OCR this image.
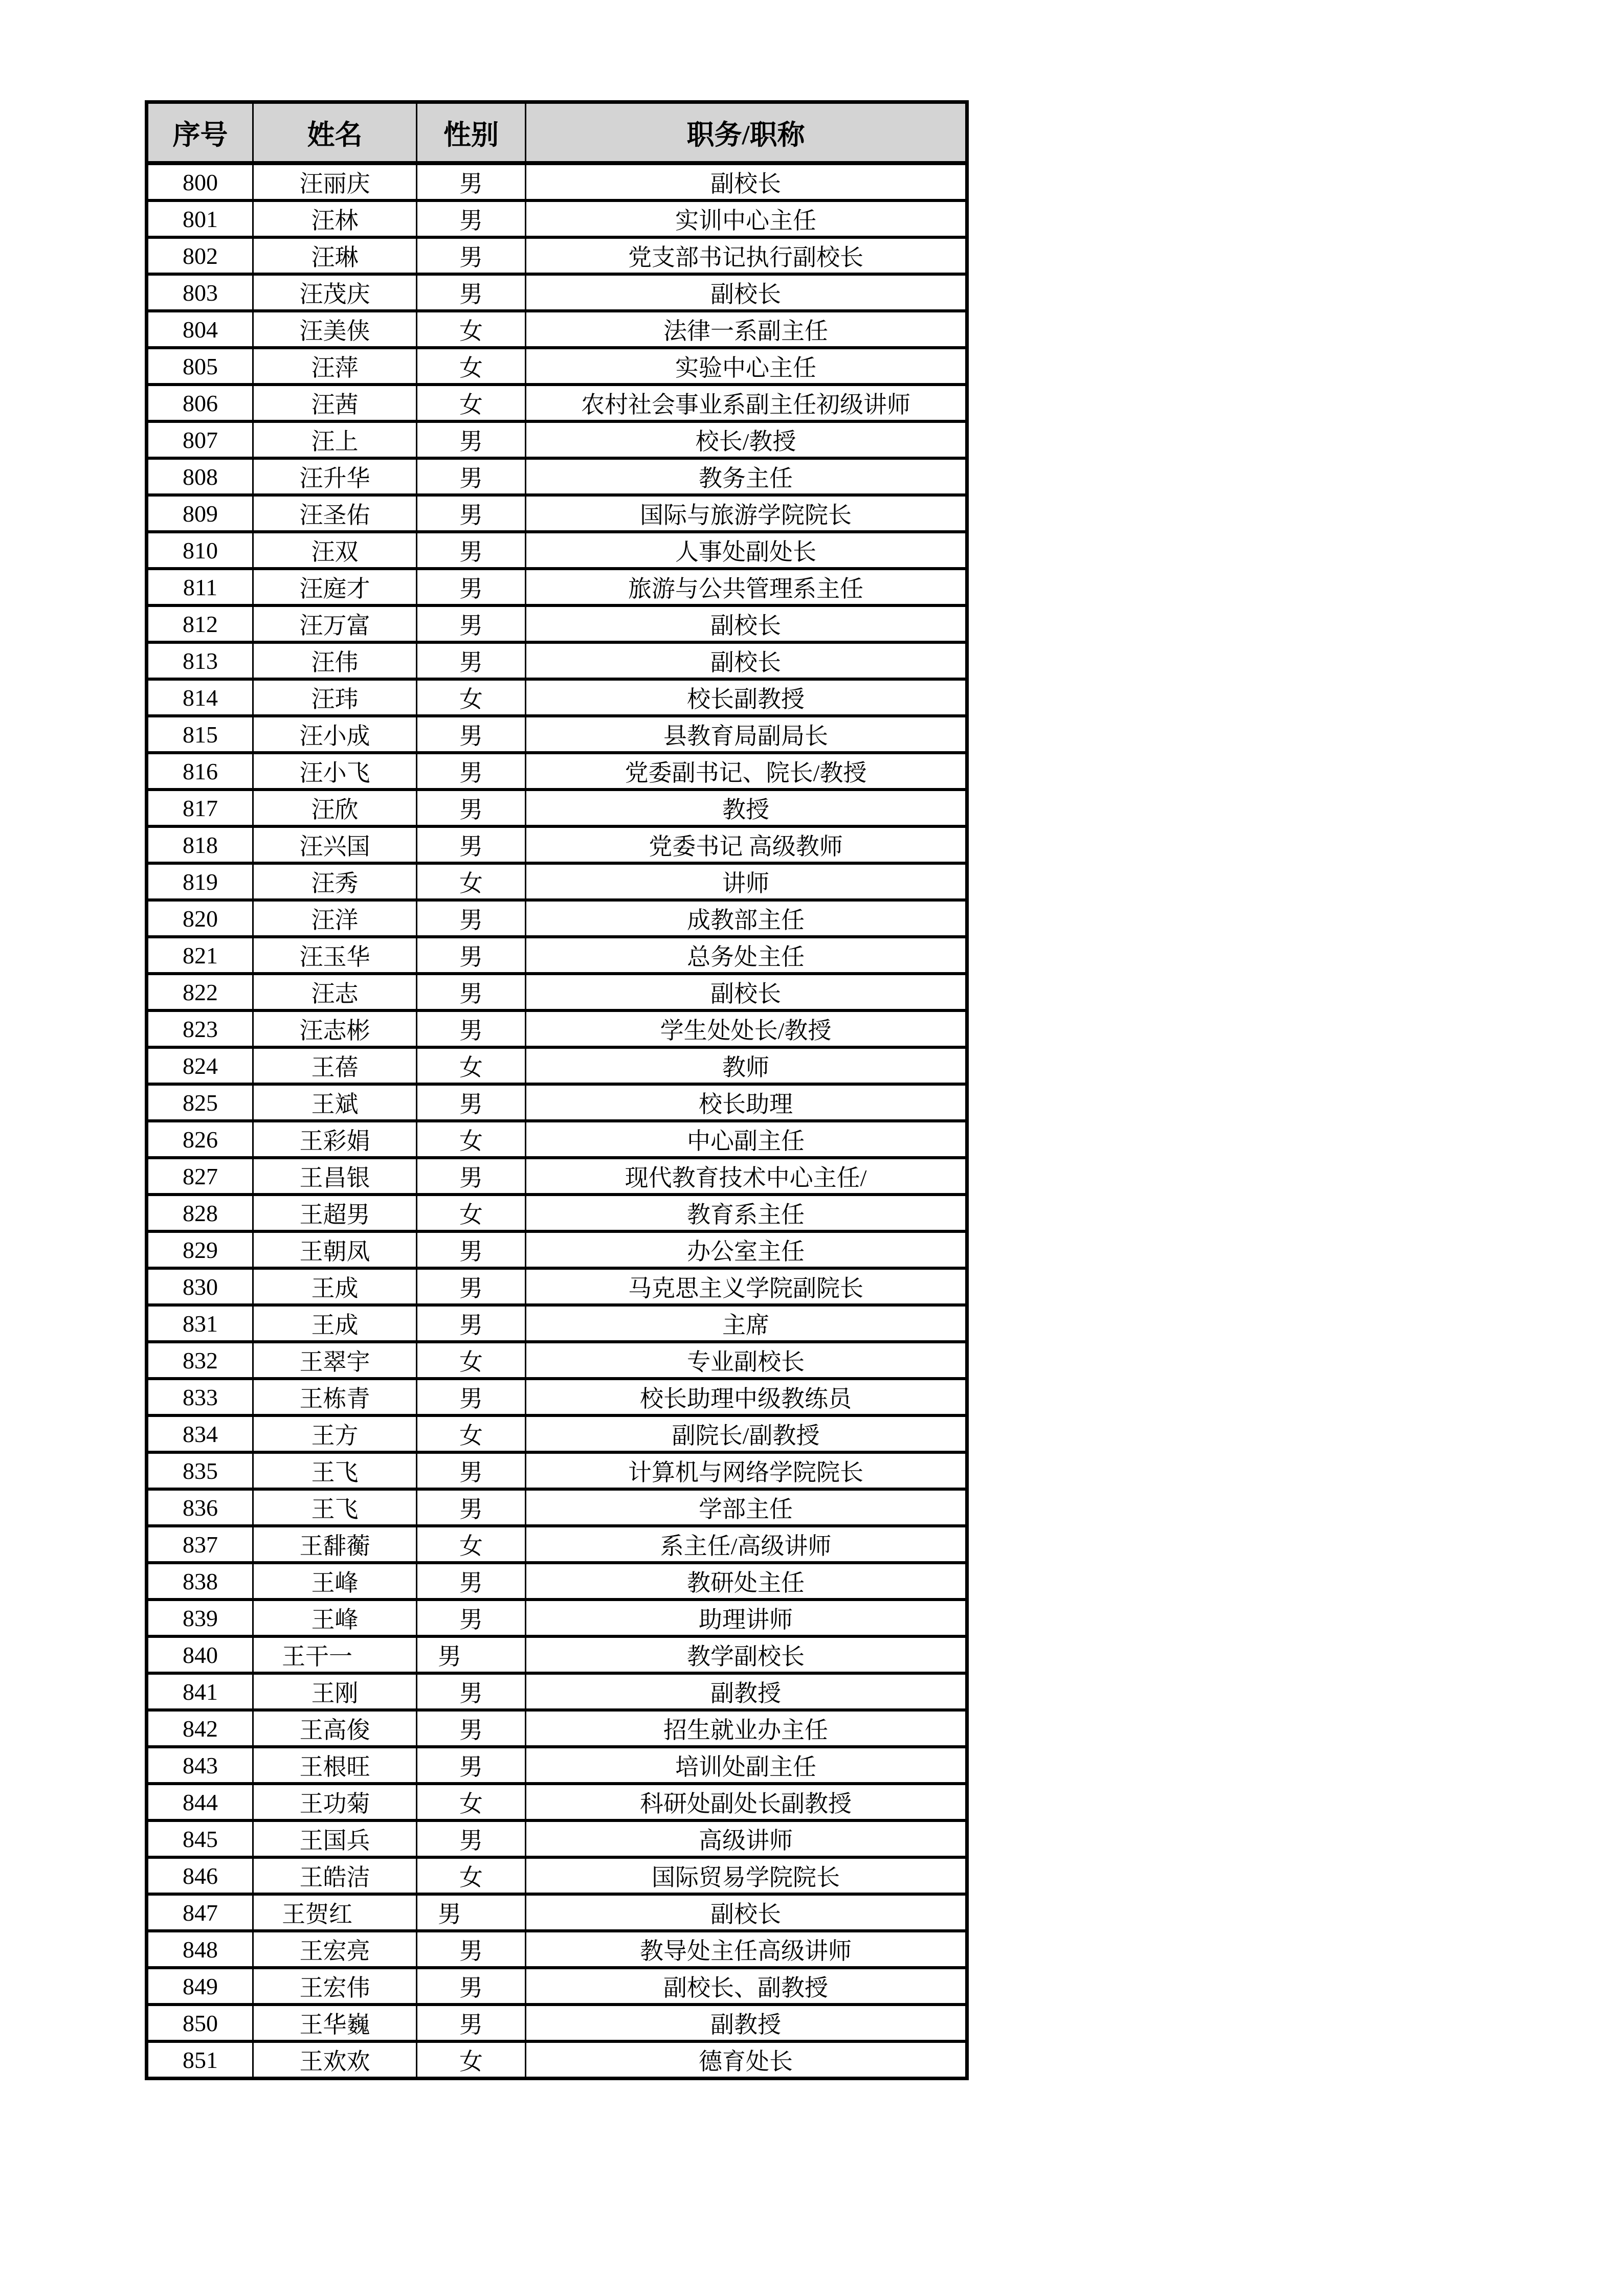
序号	姓名	性别	职务/职称
800	汪丽庆	男	副校长
801	汪林	男	实训中心主任
802	汪琳	男	党支部书记执行副校长
803	汪茂庆	男	副校长
804	汪美侠	女	法律一系副主任
805	汪萍	女	实验中心主任
806	汪茜	女	农村社会事业系副主任初级讲师
807	汪上	男	校长/教授
808	汪升华	男	教务主任
809	汪圣佑	男	国际与旅游学院院长
810	汪双	男	人事处副处长
811	汪庭才	男	旅游与公共管理系主任
812	汪万富	男	副校长
813	汪伟	男	副校长
814	汪玮	女	校长副教授
815	汪小成	男	县教育局副局长
816	汪小飞	男	党委副书记、院长/教授
817	汪欣	男	教授
818	汪兴国	男	党委书记 高级教师
819	汪秀	女	讲师
820	汪洋	男	成教部主任
821	汪玉华	男	总务处主任
822	汪志	男	副校长
823	汪志彬	男	学生处处长/教授
824	王蓓	女	教师
825	王斌	男	校长助理
826	王彩娟	女	中心副主任
827	王昌银	男	现代教育技术中心主任/
828	王超男	女	教育系主任
829	王朝凤	男	办公室主任
830	王成	男	马克思主义学院副院长
831	王成	男	主席
832	王翠宇	女	专业副校长
833	王栋青	男	校长助理中级教练员
834	王方	女	副院长/副教授
835	王飞	男	计算机与网络学院院长
836	王飞	男	学部主任
837	王馡蘅	女	系主任/高级讲师
838	王峰	男	教研处主任
839	王峰	男	助理讲师
840	王干一	男	教学副校长
841	王刚	男	副教授
842	王高俊	男	招生就业办主任
843	王根旺	男	培训处副主任
844	王功菊	女	科研处副处长副教授
845	王国兵	男	高级讲师
846	王皓洁	女	国际贸易学院院长
847	王贺红	男	副校长
848	王宏亮	男	教导处主任高级讲师
849	王宏伟	男	副校长、副教授
850	王华巍	男	副教授
851	王欢欢	女	德育处长
